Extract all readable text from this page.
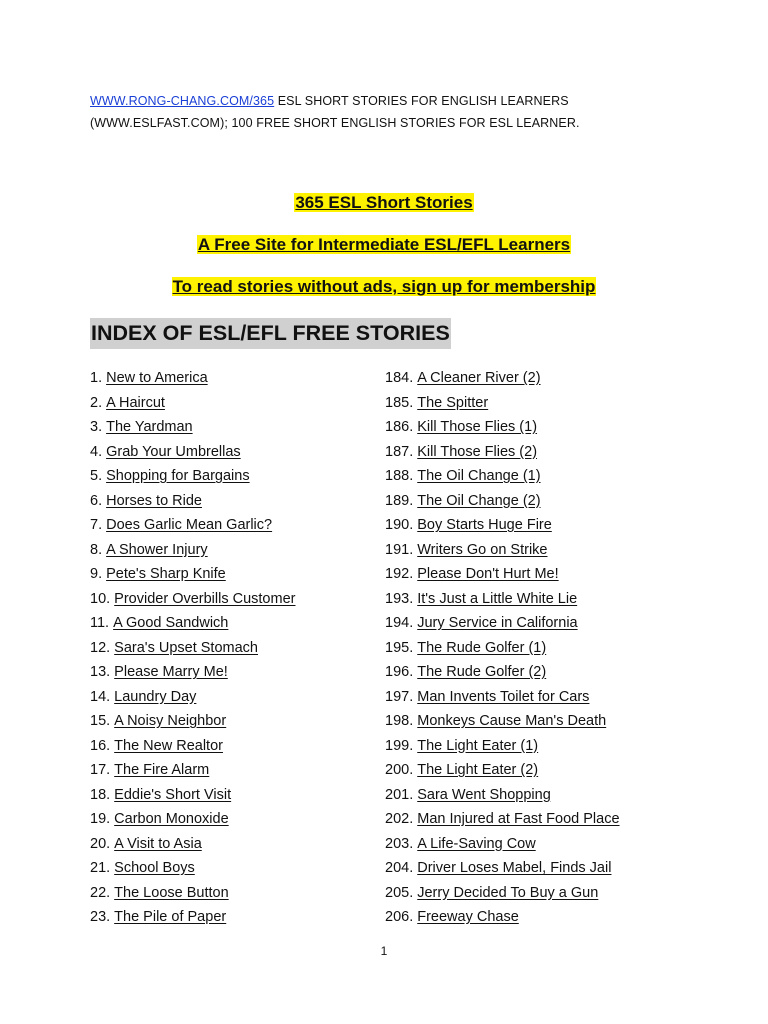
WWW.RONG-CHANG.COM/365 ESL SHORT STORIES FOR ENGLISH LEARNERS
(WWW.ESLFAST.COM); 100 FREE SHORT ENGLISH STORIES FOR ESL LEARNER.
365 ESL Short Stories
A Free Site for Intermediate ESL/EFL Learners
To read stories without ads, sign up for membership
INDEX OF ESL/EFL FREE STORIES
1. New to America
2. A Haircut
3. The Yardman
4. Grab Your Umbrellas
5. Shopping for Bargains
6. Horses to Ride
7. Does Garlic Mean Garlic?
8. A Shower Injury
9. Pete's Sharp Knife
10. Provider Overbills Customer
11. A Good Sandwich
12. Sara's Upset Stomach
13. Please Marry Me!
14. Laundry Day
15. A Noisy Neighbor
16. The New Realtor
17. The Fire Alarm
18. Eddie's Short Visit
19. Carbon Monoxide
20. A Visit to Asia
21. School Boys
22. The Loose Button
23. The Pile of Paper
184. A Cleaner River (2)
185. The Spitter
186. Kill Those Flies (1)
187. Kill Those Flies (2)
188. The Oil Change (1)
189. The Oil Change (2)
190. Boy Starts Huge Fire
191. Writers Go on Strike
192. Please Don't Hurt Me!
193. It's Just a Little White Lie
194. Jury Service in California
195. The Rude Golfer (1)
196. The Rude Golfer (2)
197. Man Invents Toilet for Cars
198. Monkeys Cause Man's Death
199. The Light Eater (1)
200. The Light Eater (2)
201. Sara Went Shopping
202. Man Injured at Fast Food Place
203. A Life-Saving Cow
204. Driver Loses Mabel, Finds Jail
205. Jerry Decided To Buy a Gun
206. Freeway Chase
1
